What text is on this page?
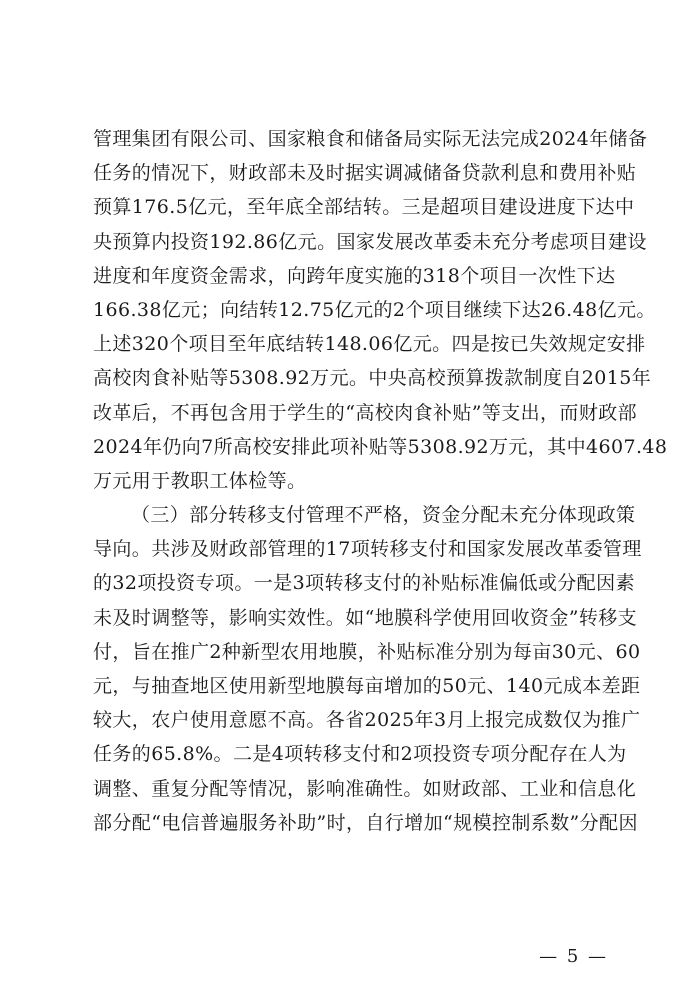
管理集团有限公司、国家粮食和储备局实际无法完成2024年储备
任务的情况下，财政部未及时据实调减储备贷款利息和费用补贴
预算176.5亿元，至年底全部结转。三是超项目建设进度下达中
央预算内投资192.86亿元。国家发展改革委未充分考虑项目建设
进度和年度资金需求，向跨年度实施的318个项目一次性下达
166.38亿元；向结转12.75亿元的2个项目继续下达26.48亿元。
上述320个项目至年底结转148.06亿元。四是按已失效规定安排
高校肉食补贴等5308.92万元。中央高校预算拨款制度自2015年
改革后，不再包含用于学生的“高校肉食补贴”等支出，而财政部
2024年仍向7所高校安排此项补贴等5308.92万元，其中4607.48
万元用于教职工体检等。
（三）部分转移支付管理不严格，资金分配未充分体现政策
导向。共涉及财政部管理的17项转移支付和国家发展改革委管理
的32项投资专项。一是3项转移支付的补贴标准偏低或分配因素
未及时调整等，影响实效性。如“地膜科学使用回收资金”转移支
付，旨在推广2种新型农用地膜，补贴标准分别为每亩30元、60
元，与抽查地区使用新型地膜每亩增加的50元、140元成本差距
较大，农户使用意愿不高。各省2025年3月上报完成数仅为推广
任务的65.8%。二是4项转移支付和2项投资专项分配存在人为
调整、重复分配等情况，影响准确性。如财政部、工业和信息化
部分配“电信普遍服务补助”时，自行增加“规模控制系数”分配因
— 5 —
